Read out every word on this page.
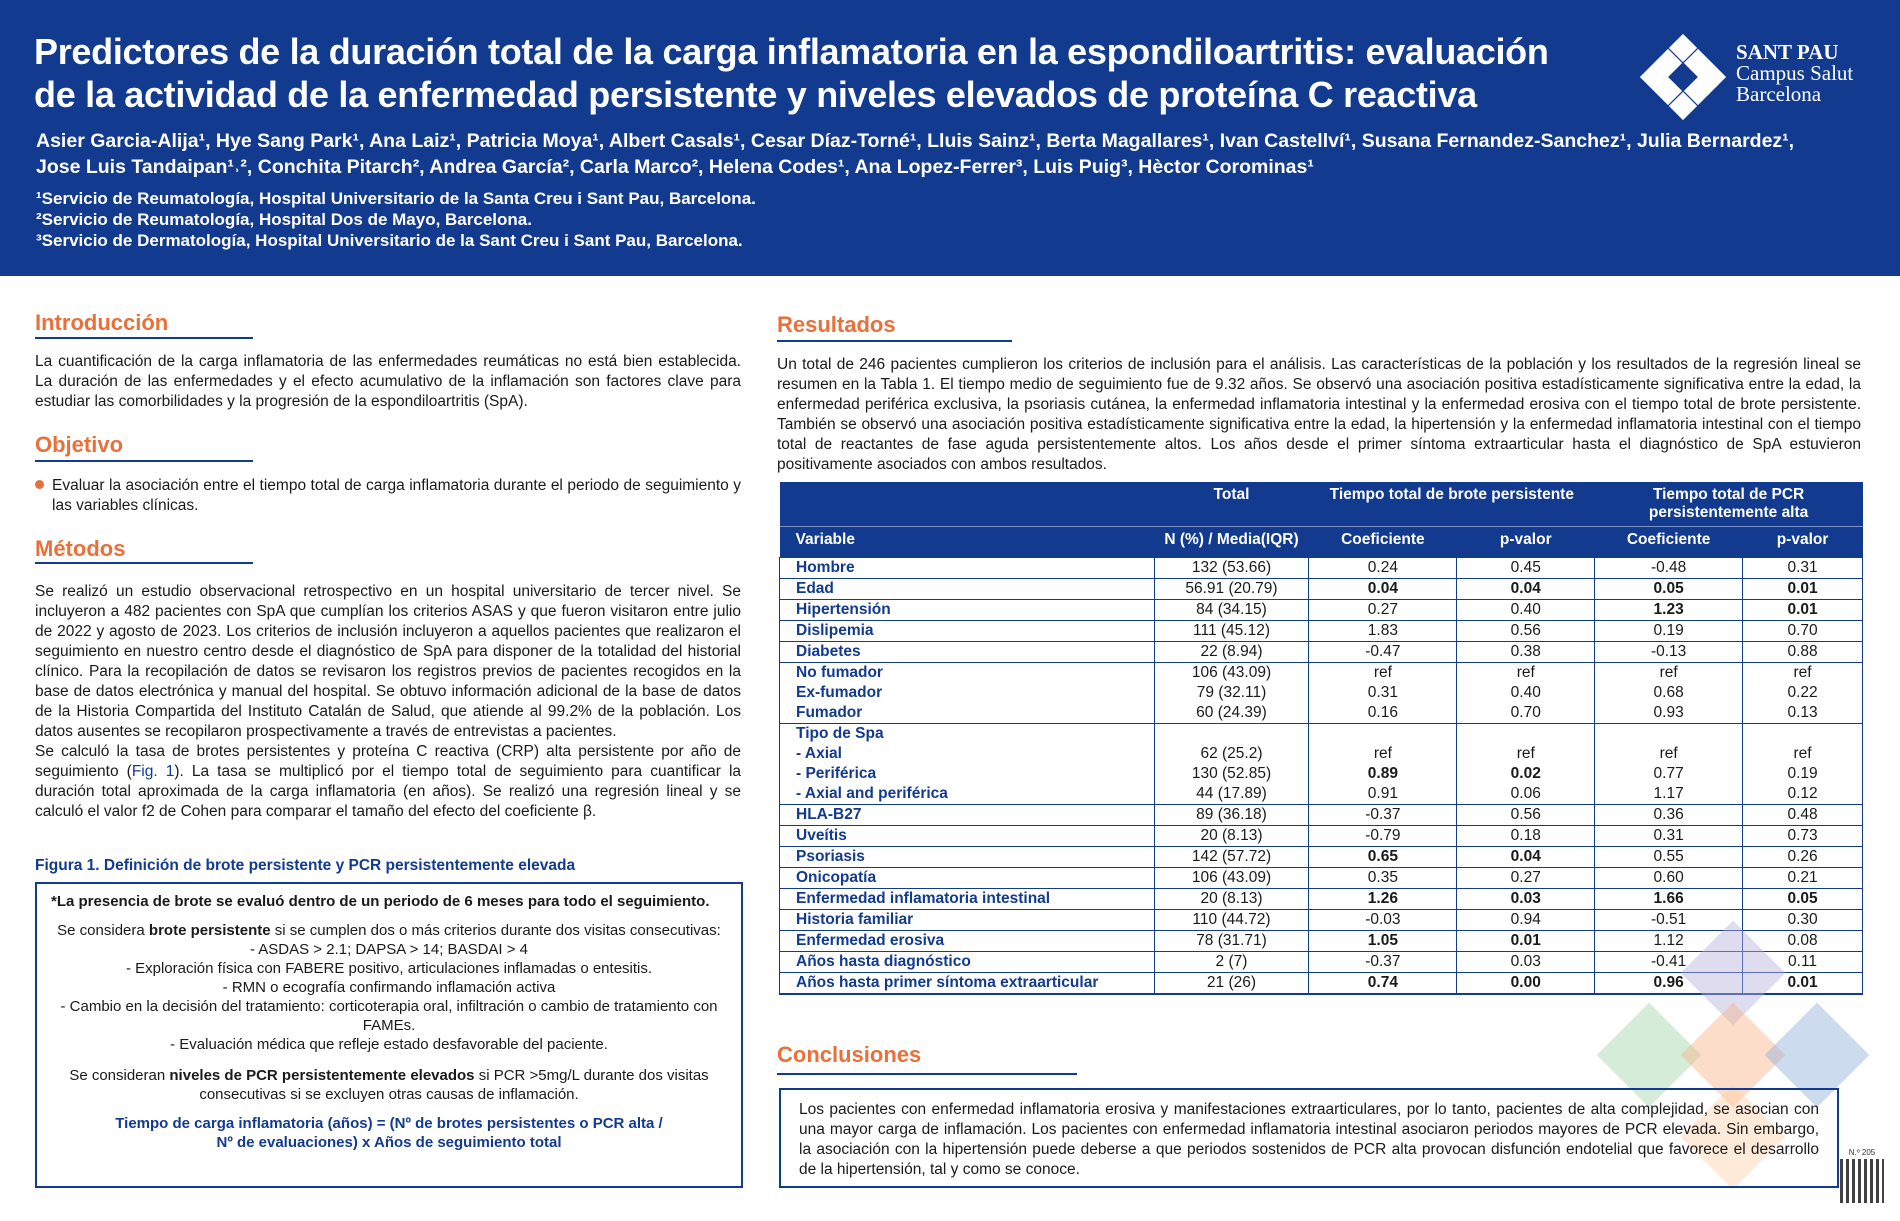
Predictores de la duración total de la carga inflamatoria en la espondiloartritis: evaluación de la actividad de la enfermedad persistente y niveles elevados de proteína C reactiva
SANT PAU
Campus Salut
Barcelona
Asier Garcia-Alija¹, Hye Sang Park¹, Ana Laiz¹, Patricia Moya¹, Albert Casals¹, Cesar Díaz-Torné¹, Lluis Sainz¹, Berta Magallares¹, Ivan Castellví¹, Susana Fernandez-Sanchez¹, Julia Bernardez¹, Jose Luis Tandaipan¹˒², Conchita Pitarch², Andrea García², Carla Marco², Helena Codes¹, Ana Lopez-Ferrer³, Luis Puig³, Hèctor Corominas¹
¹Servicio de Reumatología, Hospital Universitario de la Santa Creu i Sant Pau, Barcelona.
²Servicio de Reumatología, Hospital Dos de Mayo, Barcelona.
³Servicio de Dermatología, Hospital Universitario de la Sant Creu i Sant Pau, Barcelona.
Introducción
La cuantificación de la carga inflamatoria de las enfermedades reumáticas no está bien establecida. La duración de las enfermedades y el efecto acumulativo de la inflamación son factores clave para estudiar las comorbilidades y la progresión de la espondiloartritis (SpA).
Objetivo
Evaluar la asociación entre el tiempo total de carga inflamatoria durante el periodo de seguimiento y las variables clínicas.
Métodos
Se realizó un estudio observacional retrospectivo en un hospital universitario de tercer nivel. Se incluyeron a 482 pacientes con SpA que cumplían los criterios ASAS y que fueron visitaron entre julio de 2022 y agosto de 2023. Los criterios de inclusión incluyeron a aquellos pacientes que realizaron el seguimiento en nuestro centro desde el diagnóstico de SpA para disponer de la totalidad del historial clínico. Para la recopilación de datos se revisaron los registros previos de pacientes recogidos en la base de datos electrónica y manual del hospital. Se obtuvo información adicional de la base de datos de la Historia Compartida del Instituto Catalán de Salud, que atiende al 99.2% de la población. Los datos ausentes se recopilaron prospectivamente a través de entrevistas a pacientes.
Se calculó la tasa de brotes persistentes y proteína C reactiva (CRP) alta persistente por año de seguimiento (Fig. 1). La tasa se multiplicó por el tiempo total de seguimiento para cuantificar la duración total aproximada de la carga inflamatoria (en años). Se realizó una regresión lineal y se calculó el valor f2 de Cohen para comparar el tamaño del efecto del coeficiente β.
Figura 1. Definición de brote persistente y PCR persistentemente elevada
*La presencia de brote se evaluó dentro de un periodo de 6 meses para todo el seguimiento.
Se considera brote persistente si se cumplen dos o más criterios durante dos visitas consecutivas:
- ASDAS > 2.1; DAPSA > 14; BASDAI > 4
- Exploración física con FABERE positivo, articulaciones inflamadas o entesitis.
- RMN o ecografía confirmando inflamación activa
- Cambio en la decisión del tratamiento: corticoterapia oral, infiltración o cambio de tratamiento con FAMEs.
- Evaluación médica que refleje estado desfavorable del paciente.
Se consideran niveles de PCR persistentemente elevados si PCR >5mg/L durante dos visitas consecutivas si se excluyen otras causas de inflamación.
Tiempo de carga inflamatoria (años) = (Nº de brotes persistentes o PCR alta /
Nº de evaluaciones) x Años de seguimiento total
Resultados
Un total de 246 pacientes cumplieron los criterios de inclusión para el análisis. Las características de la población y los resultados de la regresión lineal se resumen en la Tabla 1. El tiempo medio de seguimiento fue de 9.32 años. Se observó una asociación positiva estadísticamente significativa entre la edad, la enfermedad periférica exclusiva, la psoriasis cutánea, la enfermedad inflamatoria intestinal y la enfermedad erosiva con el tiempo total de brote persistente. También se observó una asociación positiva estadísticamente significativa entre la edad, la hipertensión y la enfermedad inflamatoria intestinal con el tiempo total de reactantes de fase aguda persistentemente altos. Los años desde el primer síntoma extraarticular hasta el diagnóstico de SpA estuvieron positivamente asociados con ambos resultados.
	Total	Tiempo total de brote persistente		Tiempo total de PCR persistentemente alta	
Variable	N (%) / Media(IQR)	Coeficiente	p-valor	Coeficiente	p-valor
Hombre	132 (53.66)	0.24	0.45	-0.48	0.31
Edad	56.91 (20.79)	0.04	0.04	0.05	0.01
Hipertensión	84 (34.15)	0.27	0.40	1.23	0.01
Dislipemia	111 (45.12)	1.83	0.56	0.19	0.70
Diabetes	22 (8.94)	-0.47	0.38	-0.13	0.88
No fumador	106 (43.09)	ref	ref	ref	ref
Ex-fumador	79 (32.11)	0.31	0.40	0.68	0.22
Fumador	60 (24.39)	0.16	0.70	0.93	0.13
Tipo de Spa					
- Axial	62 (25.2)	ref	ref	ref	ref
- Periférica	130 (52.85)	0.89	0.02	0.77	0.19
- Axial and periférica	44 (17.89)	0.91	0.06	1.17	0.12
HLA-B27	89 (36.18)	-0.37	0.56	0.36	0.48
Uveítis	20 (8.13)	-0.79	0.18	0.31	0.73
Psoriasis	142 (57.72)	0.65	0.04	0.55	0.26
Onicopatía	106 (43.09)	0.35	0.27	0.60	0.21
Enfermedad inflamatoria intestinal	20 (8.13)	1.26	0.03	1.66	0.05
Historia familiar	110 (44.72)	-0.03	0.94	-0.51	0.30
Enfermedad erosiva	78 (31.71)	1.05	0.01	1.12	0.08
Años hasta diagnóstico	2 (7)	-0.37	0.03	-0.41	0.11
Años hasta primer síntoma extraarticular	21 (26)	0.74	0.00	0.96	0.01
Conclusiones
Los pacientes con enfermedad inflamatoria erosiva y manifestaciones extraarticulares, por lo tanto, pacientes de alta complejidad, se asocian con una mayor carga de inflamación. Los pacientes con enfermedad inflamatoria intestinal asociaron periodos mayores de PCR elevada. Sin embargo, la asociación con la hipertensión puede deberse a que periodos sostenidos de PCR alta provocan disfunción endotelial que favorece el desarrollo de la hipertensión, tal y como se conoce.
N.º 205
